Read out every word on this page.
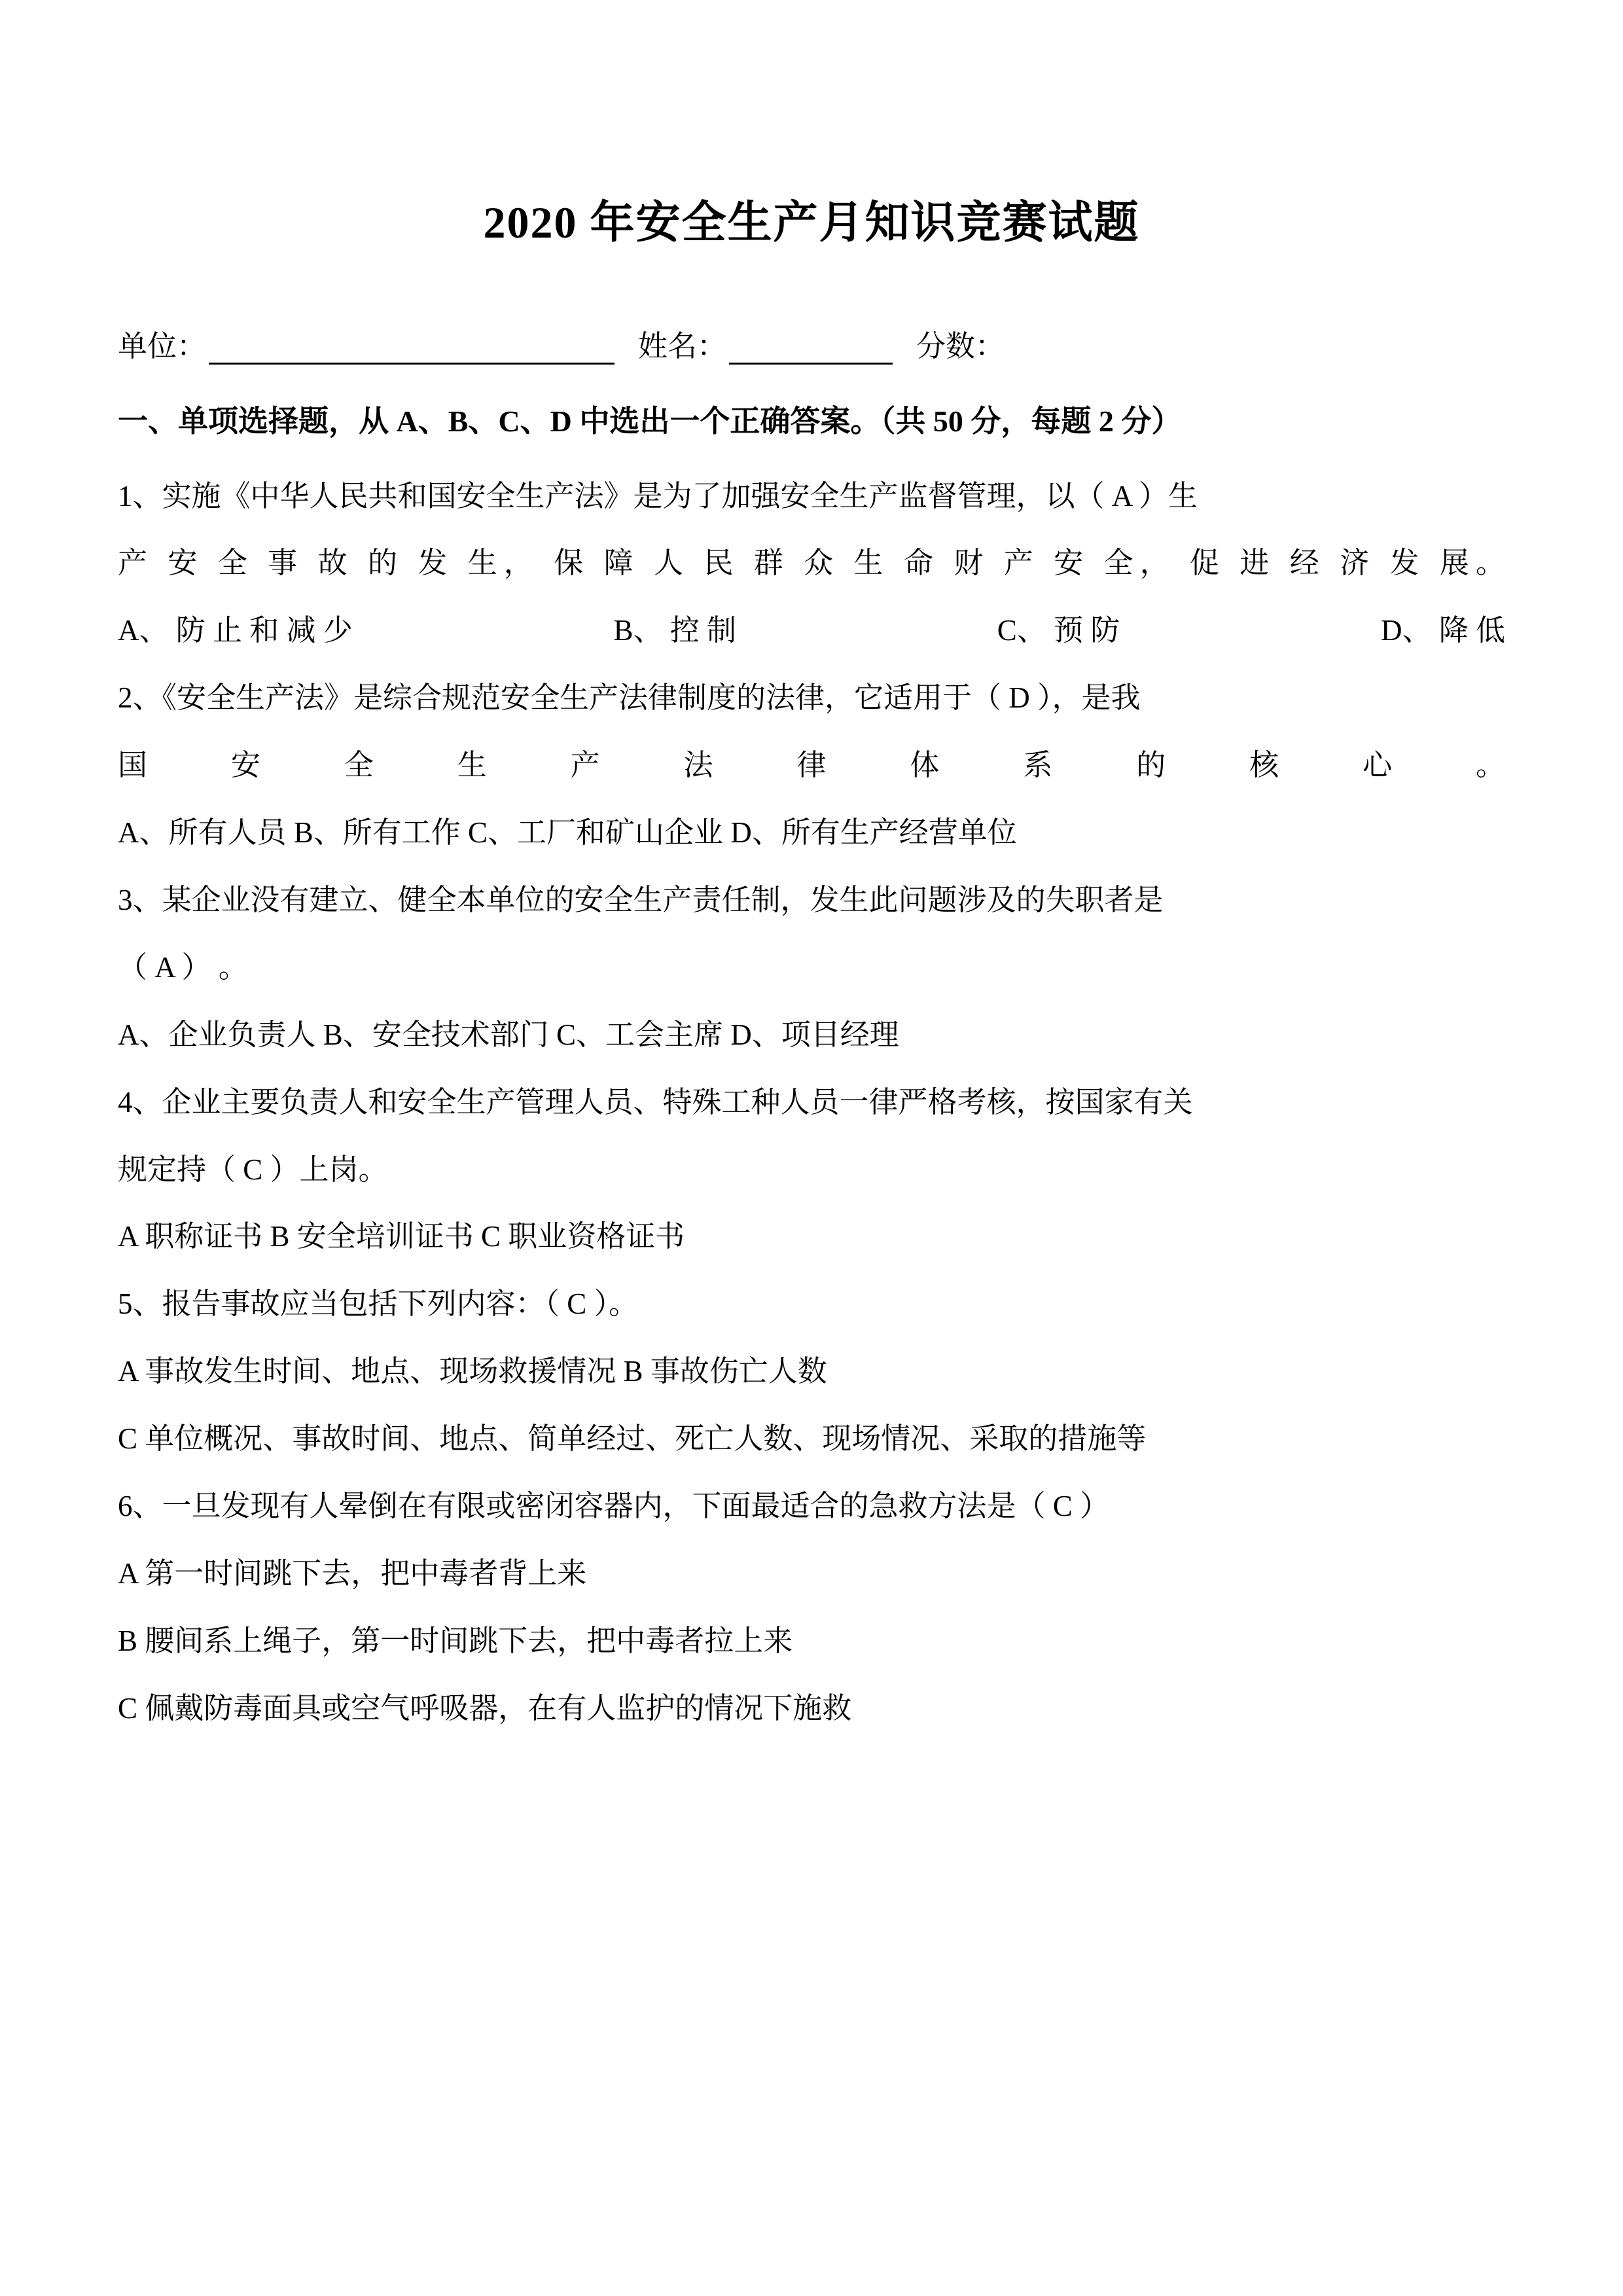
2020 年安全生产月知识竞赛试题
单位：	姓名：	分数：
一、单项选择题，从 A、B、C、D 中选出一个正确答案。（共 50 分，每题 2 分）
1、实施《中华人民共和国安全生产法》是为了加强安全生产监督管理，以（ A ）生
产 安 全 事 故 的 发 生， 保 障 人 民 群 众 生 命 财 产 安 全， 促 进 经 济 发 展。
A、 防 止 和 减 少	B、 控 制	C、 预 防	D、 降 低
2、《安全生产法》是综合规范安全生产法律制度的法律，它适用于（ D ），是我
国 安 全 生 产 法 律 体 系 的 核 心 。
A、所有人员 B、所有工作 C、工厂和矿山企业 D、所有生产经营单位
3、某企业没有建立、健全本单位的安全生产责任制，发生此问题涉及的失职者是
（ A ） 。
A、企业负责人 B、安全技术部门 C、工会主席 D、项目经理
4、企业主要负责人和安全生产管理人员、特殊工种人员一律严格考核，按国家有关
规定持（ C ）上岗。
A 职称证书 B 安全培训证书 C 职业资格证书
5、报告事故应当包括下列内容：（ C ）。
A 事故发生时间、地点、现场救援情况 B 事故伤亡人数
C 单位概况、事故时间、地点、简单经过、死亡人数、现场情况、采取的措施等
6、一旦发现有人晕倒在有限或密闭容器内，下面最适合的急救方法是（ C ）
A 第一时间跳下去，把中毒者背上来
B 腰间系上绳子，第一时间跳下去，把中毒者拉上来
C 佩戴防毒面具或空气呼吸器，在有人监护的情况下施救
